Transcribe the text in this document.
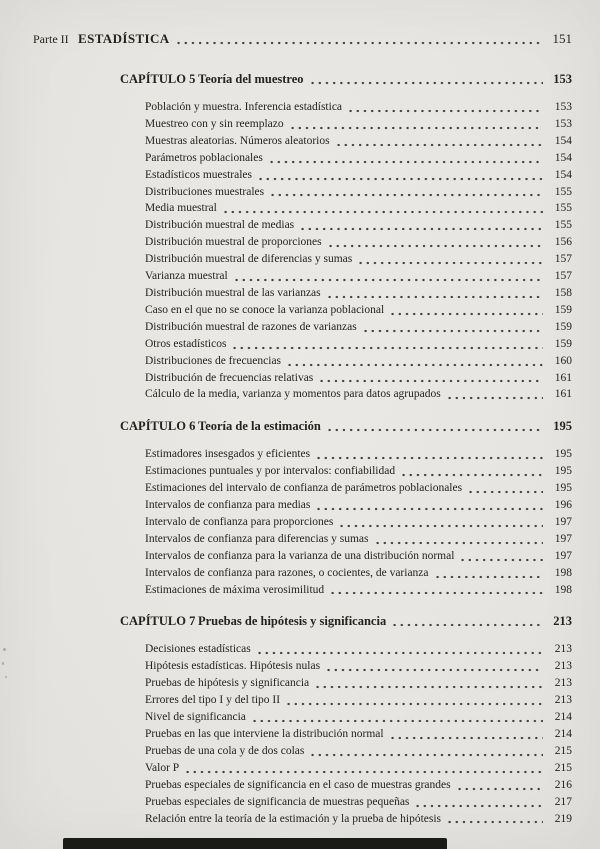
Parte II ESTADÍSTICA	151
CAPÍTULO 5 Teoría del muestreo	153
Población y muestra. Inferencia estadística	153
Muestreo con y sin reemplazo	153
Muestras aleatorias. Números aleatorios	154
Parámetros poblacionales	154
Estadísticos muestrales	154
Distribuciones muestrales	155
Media muestral	155
Distribución muestral de medias	155
Distribución muestral de proporciones	156
Distribución muestral de diferencias y sumas	157
Varianza muestral	157
Distribución muestral de las varianzas	158
Caso en el que no se conoce la varianza poblacional	159
Distribución muestral de razones de varianzas	159
Otros estadísticos	159
Distribuciones de frecuencias	160
Distribución de frecuencias relativas	161
Cálculo de la media, varianza y momentos para datos agrupados	161
CAPÍTULO 6 Teoría de la estimación	195
Estimadores insesgados y eficientes	195
Estimaciones puntuales y por intervalos: confiabilidad	195
Estimaciones del intervalo de confianza de parámetros poblacionales	195
Intervalos de confianza para medias	196
Intervalo de confianza para proporciones	197
Intervalos de confianza para diferencias y sumas	197
Intervalos de confianza para la varianza de una distribución normal	197
Intervalos de confianza para razones, o cocientes, de varianza	198
Estimaciones de máxima verosimilitud	198
CAPÍTULO 7 Pruebas de hipótesis y significancia	213
Decisiones estadísticas	213
Hipótesis estadísticas. Hipótesis nulas	213
Pruebas de hipótesis y significancia	213
Errores del tipo I y del tipo II	213
Nivel de significancia	214
Pruebas en las que interviene la distribución normal	214
Pruebas de una cola y de dos colas	215
Valor P	215
Pruebas especiales de significancia en el caso de muestras grandes	216
Pruebas especiales de significancia de muestras pequeñas	217
Relación entre la teoría de la estimación y la prueba de hipótesis	219
